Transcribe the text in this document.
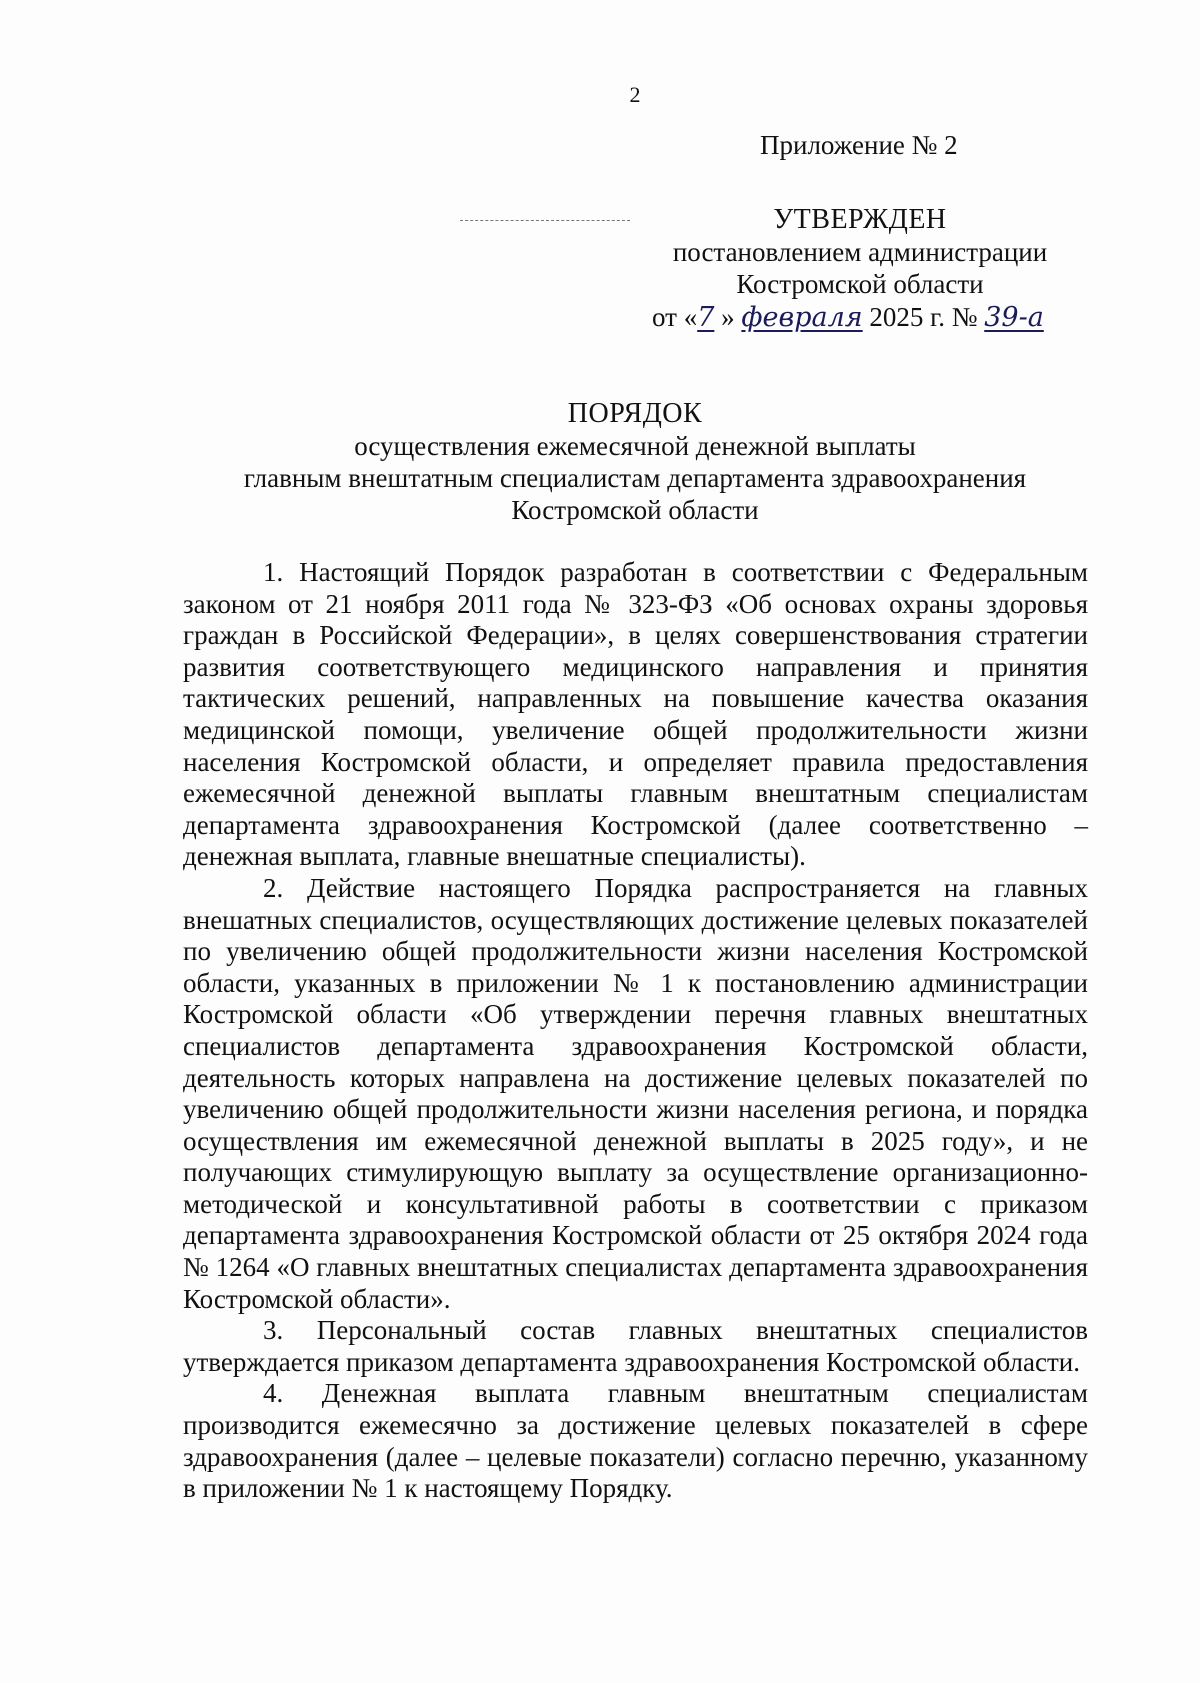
2
Приложение № 2
УТВЕРЖДЕН
постановлением администрации
Костромской области
от «7 » февраля 2025 г. № 39-а
ПОРЯДОК
осуществления ежемесячной денежной выплаты
главным внештатным специалистам департамента здравоохранения
Костромской области

1. Настоящий Порядок разработан в соответствии с Федеральным законом от 21 ноября 2011 года № 323-ФЗ «Об основах охраны здоровья граждан в Российской Федерации», в целях совершенствования стратегии развития соответствующего медицинского направления и принятия тактических решений, направленных на повышение качества оказания медицинской помощи, увеличение общей продолжительности жизни населения Костромской области, и определяет правила предоставления ежемесячной денежной выплаты главным внештатным специалистам департамента здравоохранения Костромской (далее соответственно – денежная выплата, главные внешатные специалисты).

2. Действие настоящего Порядка распространяется на главных внешатных специалистов, осуществляющих достижение целевых показателей по увеличению общей продолжительности жизни населения Костромской области, указанных в приложении № 1 к постановлению администрации Костромской области «Об утверждении перечня главных внештатных специалистов департамента здравоохранения Костромской области, деятельность которых направлена на достижение целевых показателей по увеличению общей продолжительности жизни населения региона, и порядка осуществления им ежемесячной денежной выплаты в 2025 году», и не получающих стимулирующую выплату за осуществление организационно-методической и консультативной работы в соответствии с приказом департамента здравоохранения Костромской области от 25 октября 2024 года № 1264 «О главных внештатных специалистах департамента здравоохранения Костромской области».

3. Персональный состав главных внештатных специалистов утверждается приказом департамента здравоохранения Костромской области.

4. Денежная выплата главным внештатным специалистам производится ежемесячно за достижение целевых показателей в сфере здравоохранения (далее – целевые показатели) согласно перечню, указанному в приложении № 1 к настоящему Порядку.
